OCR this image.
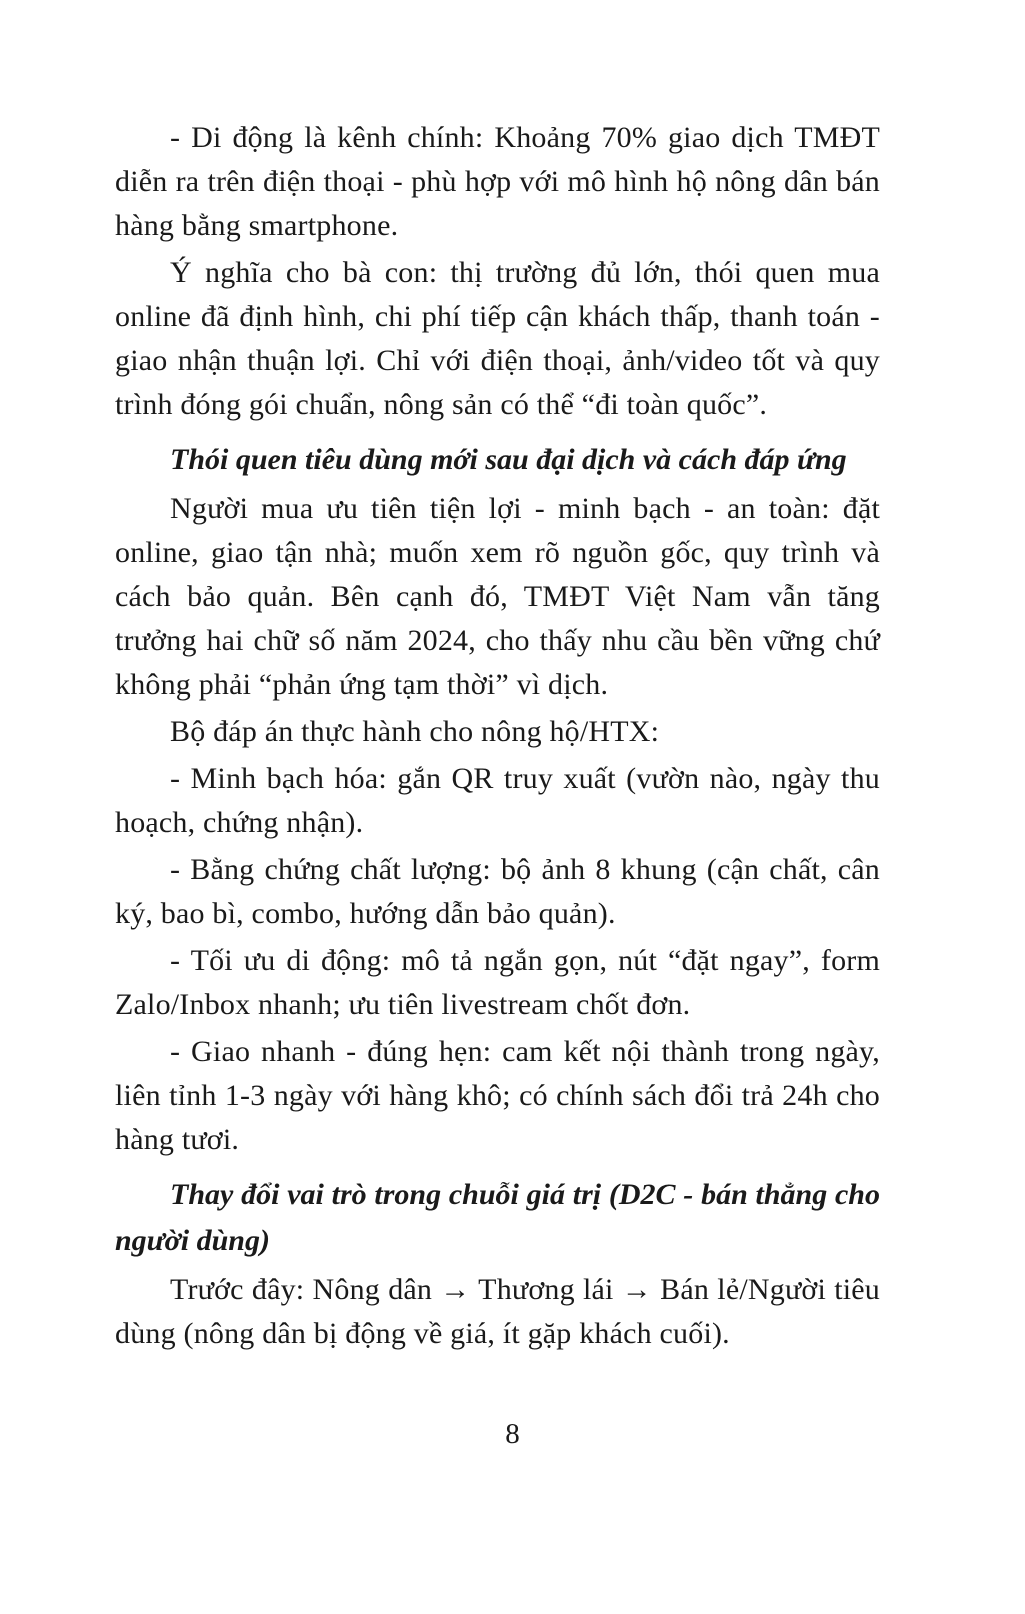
- Di động là kênh chính: Khoảng 70% giao dịch TMĐT diễn ra trên điện thoại - phù hợp với mô hình hộ nông dân bán hàng bằng smartphone.

Ý nghĩa cho bà con: thị trường đủ lớn, thói quen mua online đã định hình, chi phí tiếp cận khách thấp, thanh toán - giao nhận thuận lợi. Chỉ với điện thoại, ảnh/video tốt và quy trình đóng gói chuẩn, nông sản có thể “đi toàn quốc”.

Thói quen tiêu dùng mới sau đại dịch và cách đáp ứng

Người mua ưu tiên tiện lợi - minh bạch - an toàn: đặt online, giao tận nhà; muốn xem rõ nguồn gốc, quy trình và cách bảo quản. Bên cạnh đó, TMĐT Việt Nam vẫn tăng trưởng hai chữ số năm 2024, cho thấy nhu cầu bền vững chứ không phải “phản ứng tạm thời” vì dịch.

Bộ đáp án thực hành cho nông hộ/HTX:

- Minh bạch hóa: gắn QR truy xuất (vườn nào, ngày thu hoạch, chứng nhận).

- Bằng chứng chất lượng: bộ ảnh 8 khung (cận chất, cân ký, bao bì, combo, hướng dẫn bảo quản).

- Tối ưu di động: mô tả ngắn gọn, nút “đặt ngay”, form Zalo/Inbox nhanh; ưu tiên livestream chốt đơn.

- Giao nhanh - đúng hẹn: cam kết nội thành trong ngày, liên tỉnh 1-3 ngày với hàng khô; có chính sách đổi trả 24h cho hàng tươi.

Thay đổi vai trò trong chuỗi giá trị (D2C - bán thẳng cho người dùng)

Trước đây: Nông dân → Thương lái → Bán lẻ/Người tiêu dùng (nông dân bị động về giá, ít gặp khách cuối).

8
